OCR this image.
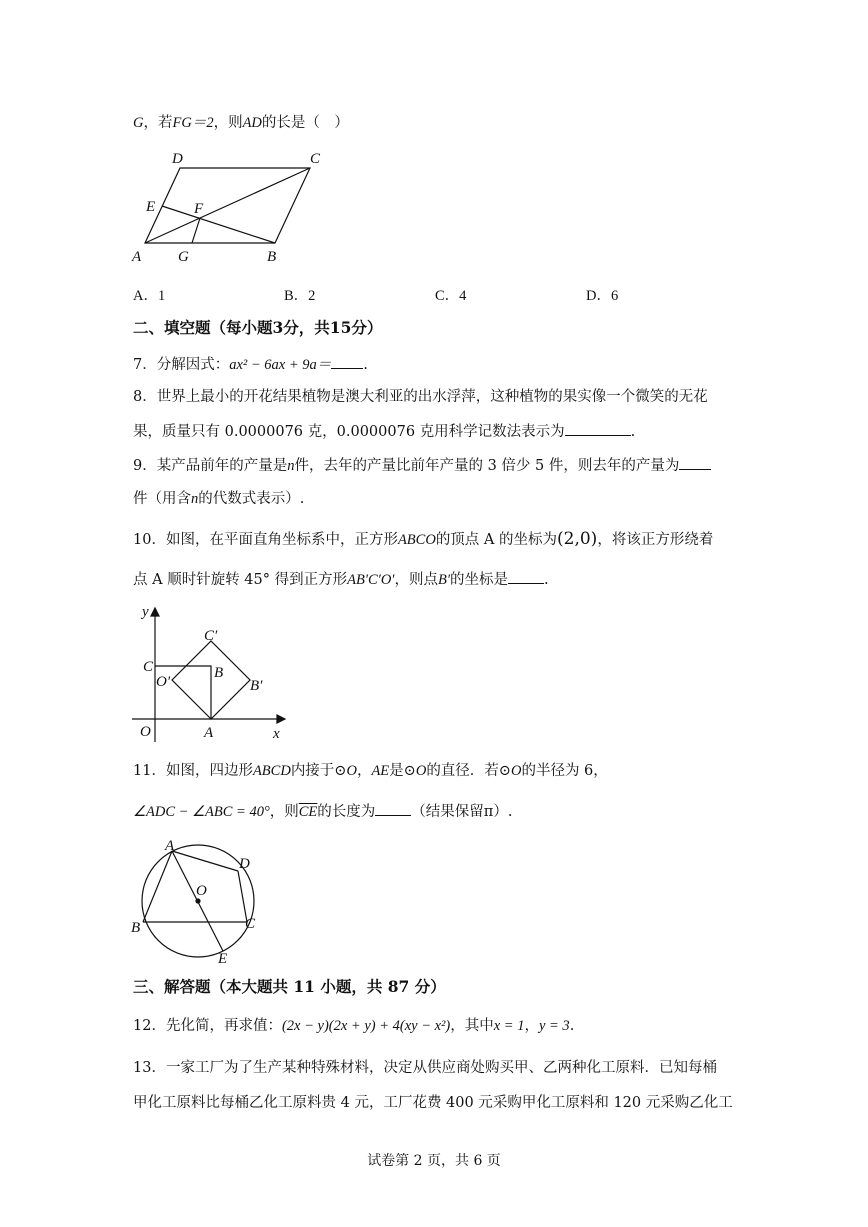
G，若FG＝2，则AD的长是（　）
A	B
C
D
E	F
G
A．1	B．2	C．4	D．6
二、填空题（每小题3分，共15分）
7．分解因式：ax² − 6ax + 9a＝ .
8．世界上最小的开花结果植物是澳大利亚的出水浮萍，这种植物的果实像一个微笑的无花
果，质量只有 0.0000076 克，0.0000076 克用科学记数法表示为	.
9．某产品前年的产量是n件，去年的产量比前年产量的 3 倍少 5 件，则去年的产量为
件（用含n的代数式表示）.
10．如图，在平面直角坐标系中，正方形ABCO的顶点 A 的坐标为(2,0)，将该正方形绕着
点 A 顺时针旋转 45° 得到正方形AB′C′O′，则点B′的坐标是 .
y
x
O	A
B
C
B′
C′
O′
11．如图，四边形ABCD内接于⊙O，AE是⊙O的直径．若⊙O的半径为 6，
∠ADC − ∠ABC = 40°，则$\overline{CE}$的长度为 （结果保留π）.
A
B	C
D
E
O
三、解答题（本大题共 11 小题，共 87 分）
12．先化简，再求值：(2x − y)(2x + y) + 4(xy − x²)，其中x = 1，y = 3.
13．一家工厂为了生产某种特殊材料，决定从供应商处购买甲、乙两种化工原料．已知每桶
甲化工原料比每桶乙化工原料贵 4 元，工厂花费 400 元采购甲化工原料和 120 元采购乙化工
试卷第 2 页，共 6 页
